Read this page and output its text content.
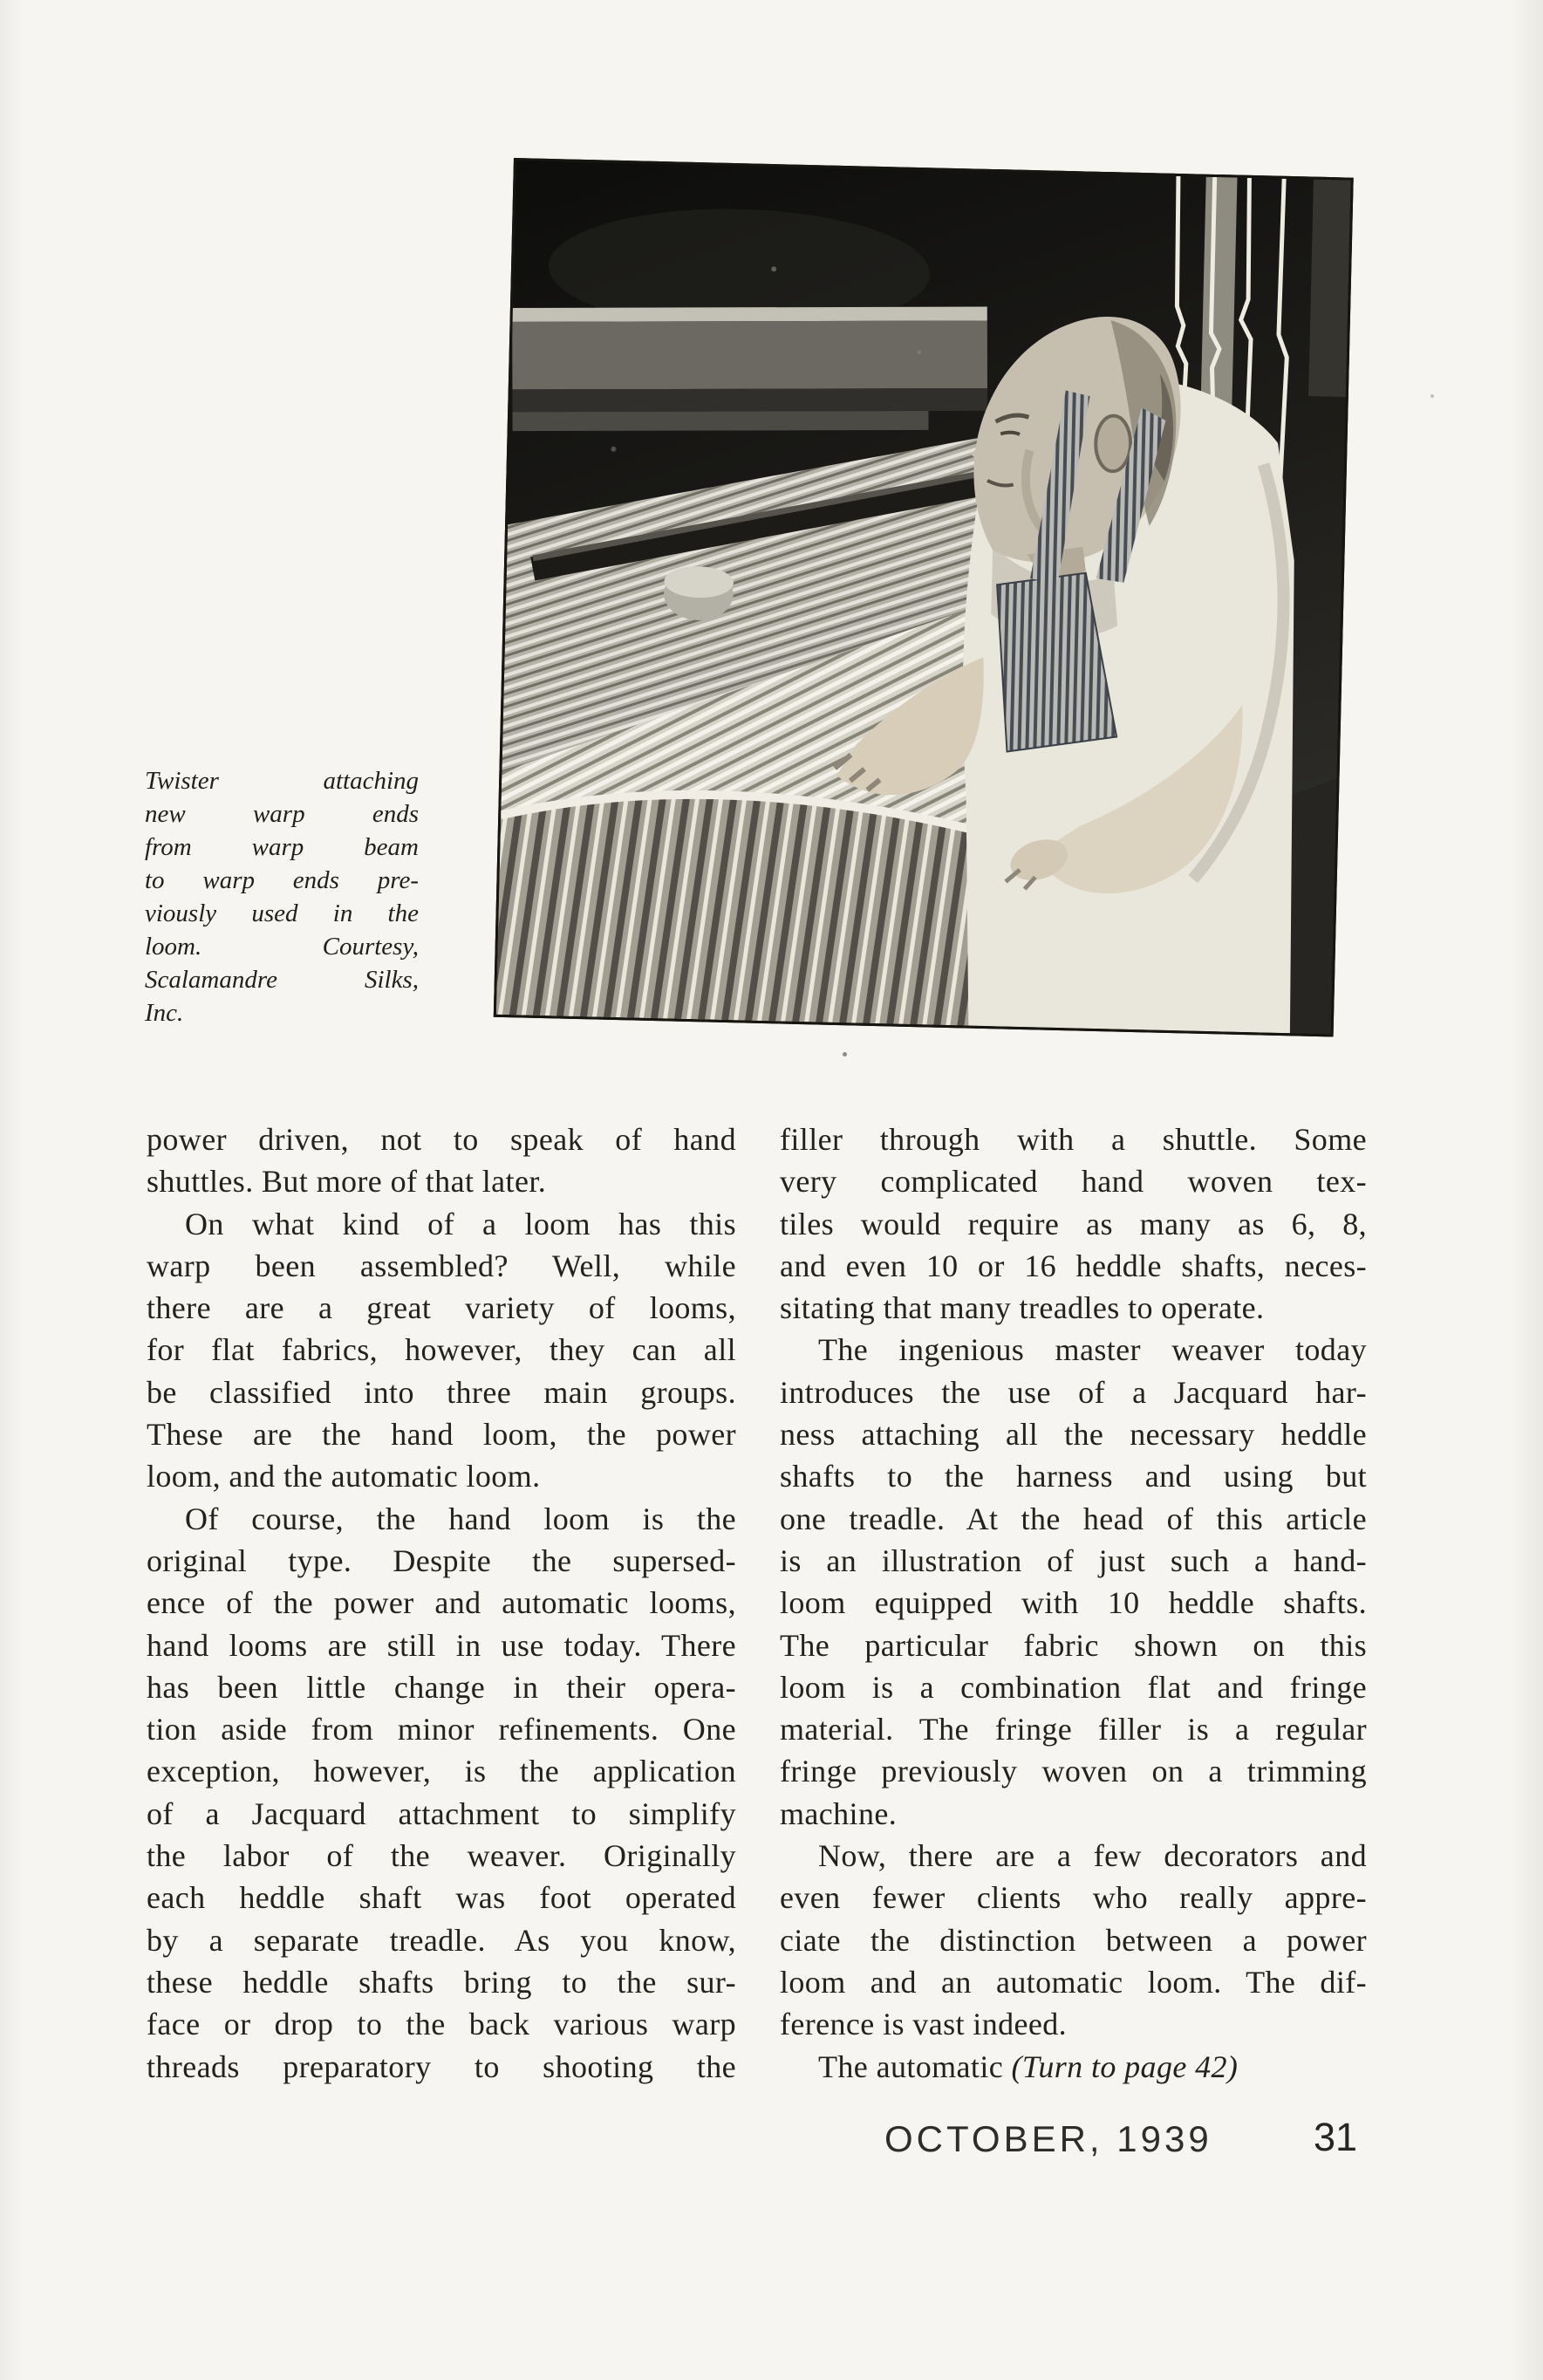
Twister attaching
new warp ends
from warp beam
to warp ends pre-
viously used in the
loom. Courtesy,
Scalamandre Silks,
Inc.
power driven, not to speak of hand
shuttles. But more of that later.
On what kind of a loom has this
warp been assembled? Well, while
there are a great variety of looms,
for flat fabrics, however, they can all
be classified into three main groups.
These are the hand loom, the power
loom, and the automatic loom.
Of course, the hand loom is the
original type. Despite the supersed-
ence of the power and automatic looms,
hand looms are still in use today. There
has been little change in their opera-
tion aside from minor refinements. One
exception, however, is the application
of a Jacquard attachment to simplify
the labor of the weaver. Originally
each heddle shaft was foot operated
by a separate treadle. As you know,
these heddle shafts bring to the sur-
face or drop to the back various warp
threads preparatory to shooting the
filler through with a shuttle. Some
very complicated hand woven tex-
tiles would require as many as 6, 8,
and even 10 or 16 heddle shafts, neces-
sitating that many treadles to operate.
The ingenious master weaver today
introduces the use of a Jacquard har-
ness attaching all the necessary heddle
shafts to the harness and using but
one treadle. At the head of this article
is an illustration of just such a hand-
loom equipped with 10 heddle shafts.
The particular fabric shown on this
loom is a combination flat and fringe
material. The fringe filler is a regular
fringe previously woven on a trimming
machine.
Now, there are a few decorators and
even fewer clients who really appre-
ciate the distinction between a power
loom and an automatic loom. The dif-
ference is vast indeed.
The automatic (Turn to page 42)
OCTOBER, 1939	31
